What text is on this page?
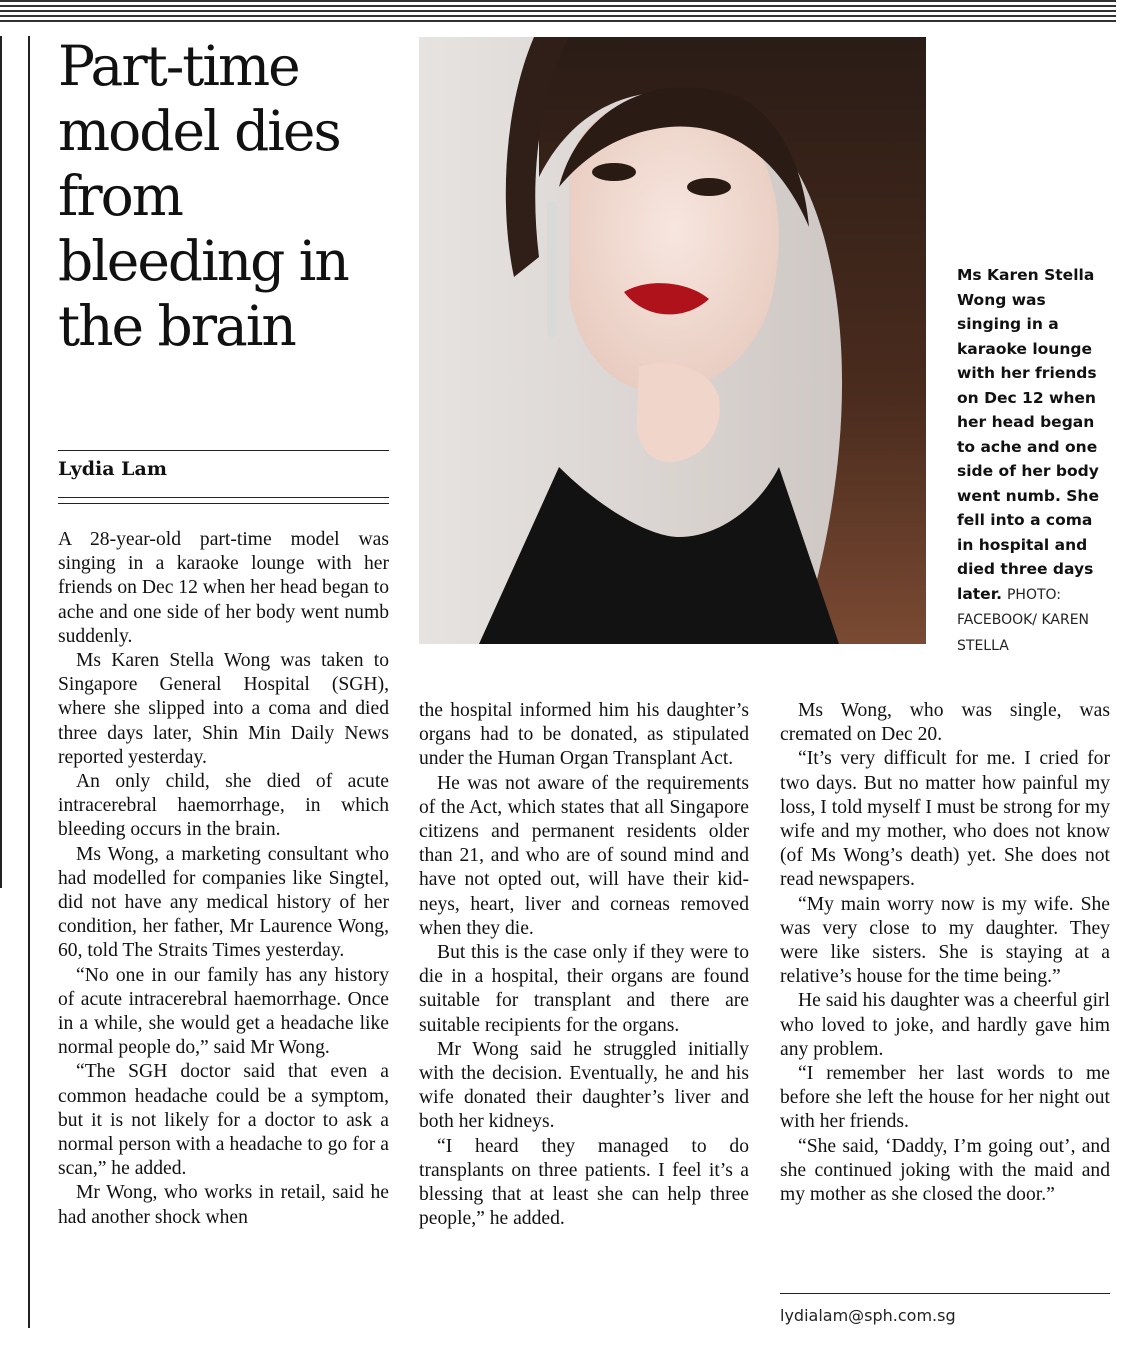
Part-time model dies from bleeding in the brain
Lydia Lam
Ms Karen Stella Wong was singing in a karaoke lounge with her friends on Dec 12 when her head began to ache and one side of her body went numb. She fell into a coma in hospital and died three days later. PHOTO: FACEBOOK/ KAREN STELLA

A 28-year-old part-time model was singing in a karaoke lounge with her friends on Dec 12 when her head began to ache and one side of her body went numb suddenly.

Ms Karen Stella Wong was taken to Singapore General Hospital (SGH), where she slipped into a coma and died three days later, Shin Min Daily News reported yesterday.

An only child, she died of acute intracerebral haemorrhage, in which bleeding occurs in the brain.

Ms Wong, a marketing consultant who had modelled for companies like Singtel, did not have any medical history of her condition, her father, Mr Laurence Wong, 60, told The Straits Times yesterday.

“No one in our family has any history of acute intracerebral haemorrhage. Once in a while, she would get a headache like normal people do,” said Mr Wong.

“The SGH doctor said that even a common headache could be a symptom, but it is not likely for a doctor to ask a normal person with a headache to go for a scan,” he added.

Mr Wong, who works in retail, said he had another shock when

the hospital informed him his daughter’s organs had to be donated, as stipulated under the Human Organ Transplant Act.

He was not aware of the requirements of the Act, which states that all Singapore citizens and permanent residents older than 21, and who are of sound mind and have not opted out, will have their kidneys, heart, liver and corneas removed when they die.

But this is the case only if they were to die in a hospital, their organs are found suitable for transplant and there are suitable recipients for the organs.

Mr Wong said he struggled initially with the decision. Eventually, he and his wife donated their daughter’s liver and both her kidneys.

“I heard they managed to do transplants on three patients. I feel it’s a blessing that at least she can help three people,” he added.

Ms Wong, who was single, was cremated on Dec 20.

“It’s very difficult for me. I cried for two days. But no matter how painful my loss, I told myself I must be strong for my wife and my mother, who does not know (of Ms Wong’s death) yet. She does not read newspapers.

“My main worry now is my wife. She was very close to my daughter. They were like sisters. She is staying at a relative’s house for the time being.”

He said his daughter was a cheerful girl who loved to joke, and hardly gave him any problem.

“I remember her last words to me before she left the house for her night out with her friends.

“She said, ‘Daddy, I’m going out’, and she continued joking with the maid and my mother as she closed the door.”

lydialam@sph.com.sg
